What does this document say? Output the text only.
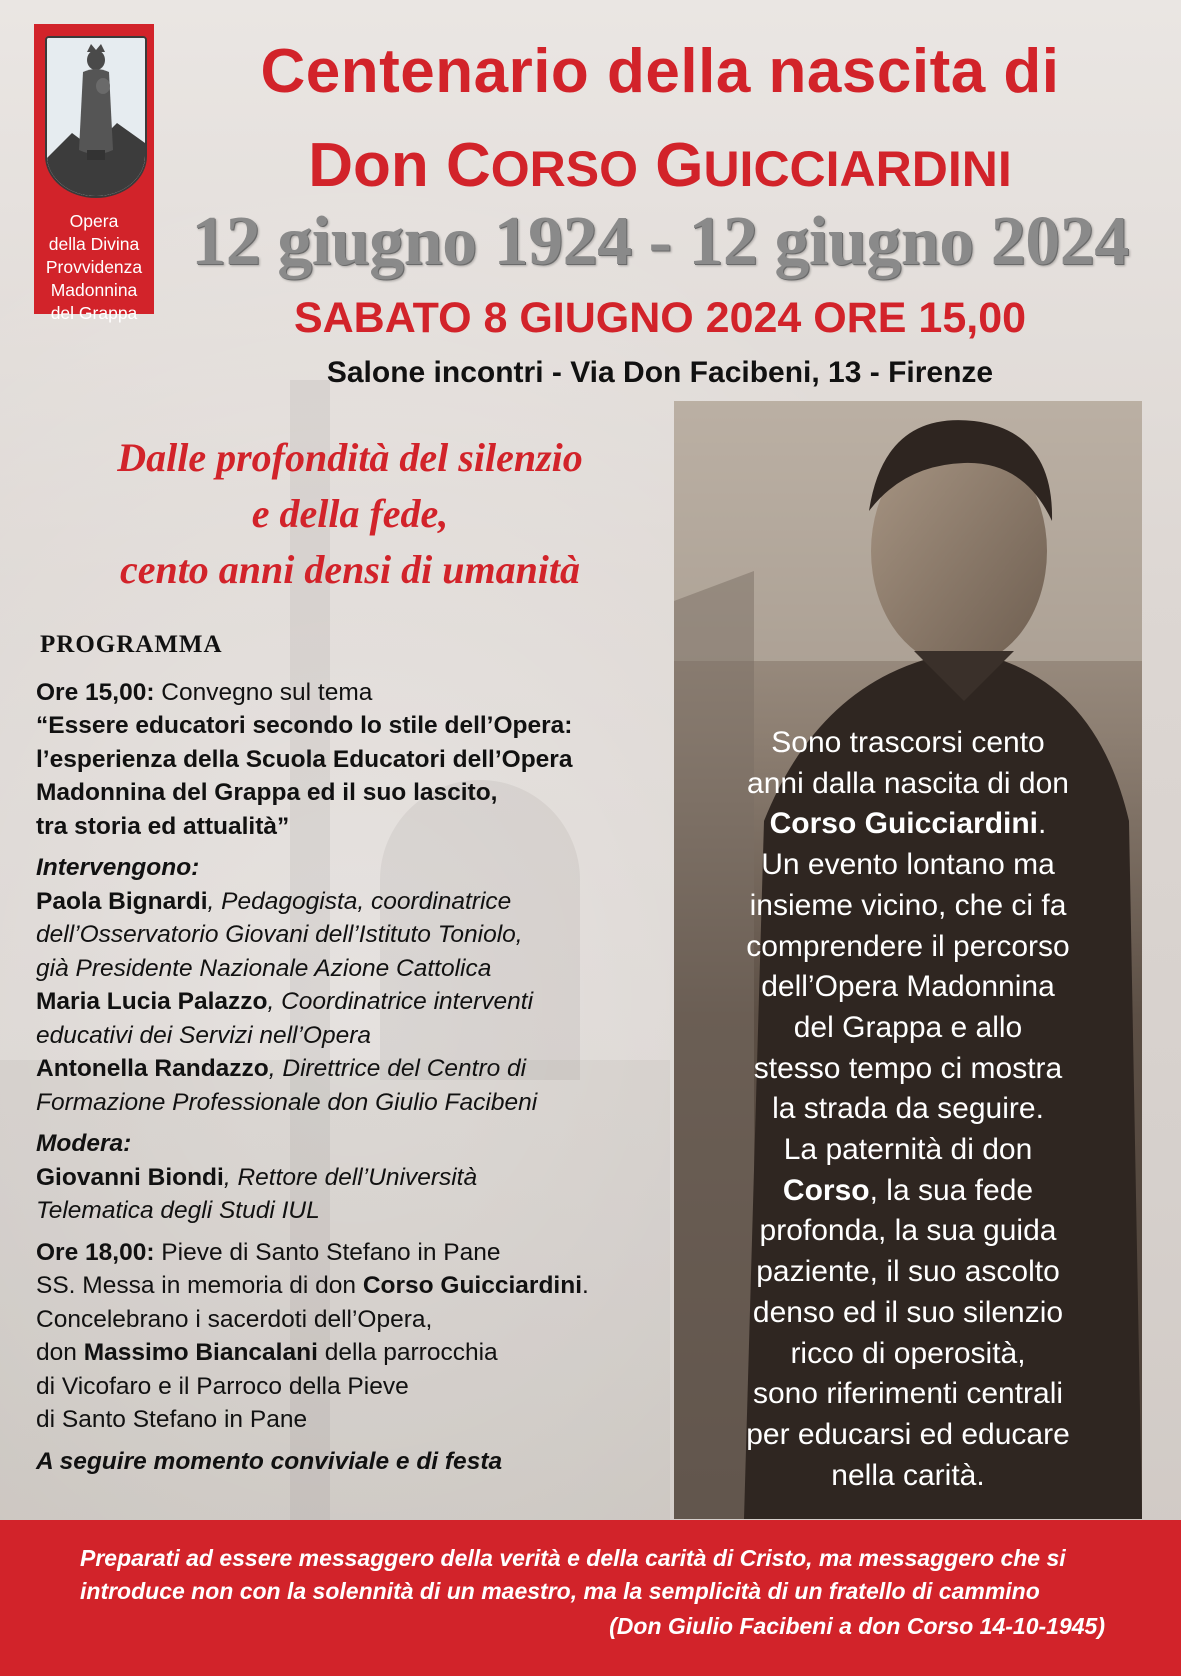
Opera
della Divina
Provvidenza
Madonnina
del Grappa
Centenario della nascita di
Don CORSO GUICCIARDINI
12 giugno 1924 - 12 giugno 2024
SABATO 8 GIUGNO 2024 ORE 15,00
Salone incontri - Via Don Facibeni, 13 - Firenze
Dalle profondità del silenzio
e della fede,
cento anni densi di umanità
Sono trascorsi cento
anni dalla nascita di don
Corso Guicciardini.
Un evento lontano ma
insieme vicino, che ci fa
comprendere il percorso
dell’Opera Madonnina
del Grappa e allo
stesso tempo ci mostra
la strada da seguire.
La paternità di don
Corso, la sua fede
profonda, la sua guida
paziente, il suo ascolto
denso ed il suo silenzio
ricco di operosità,
sono riferimenti centrali
per educarsi ed educare
nella carità.
PROGRAMMA
Ore 15,00: Convegno sul tema
“Essere educatori secondo lo stile dell’Opera:
l’esperienza della Scuola Educatori dell’Opera
Madonnina del Grappa ed il suo lascito,
tra storia ed attualità”
Intervengono:
Paola Bignardi, Pedagogista, coordinatrice
dell’Osservatorio Giovani dell’Istituto Toniolo,
già Presidente Nazionale Azione Cattolica
Maria Lucia Palazzo, Coordinatrice interventi
educativi dei Servizi nell’Opera
Antonella Randazzo, Direttrice del Centro di
Formazione Professionale don Giulio Facibeni
Modera:
Giovanni Biondi, Rettore dell’Università
Telematica degli Studi IUL
Ore 18,00: Pieve di Santo Stefano in Pane
SS. Messa in memoria di don Corso Guicciardini.
Concelebrano i sacerdoti dell’Opera,
don Massimo Biancalani della parrocchia
di Vicofaro e il Parroco della Pieve
di Santo Stefano in Pane
A seguire momento conviviale e di festa
Preparati ad essere messaggero della verità e della carità di Cristo, ma messaggero che si
introduce non con la solennità di un maestro, ma la semplicità di un fratello di cammino
(Don Giulio Facibeni a don Corso 14-10-1945)
